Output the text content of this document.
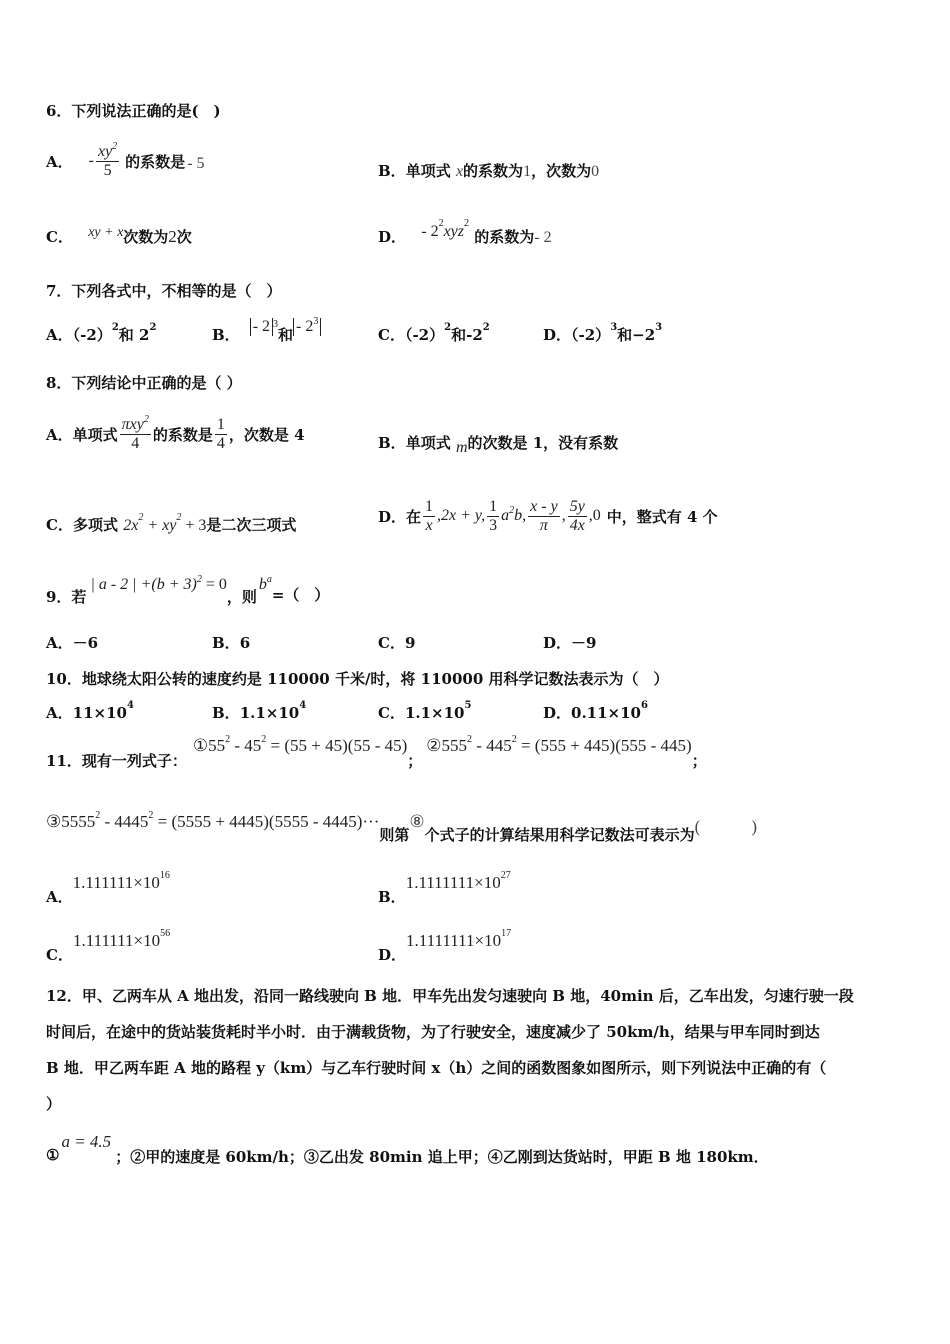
6．下列说法正确的是(　)
A． - $\frac{xy^2}{5}$ 的系数是 - 5	B．单项式 x的系数为1，次数为0
C． xy + x次数为2次	D． - $2^2xyz^2$ 的系数为- 2
7．下列各式中，不相等的是（　）
A．$(-2)^2$和 $2^2$	B． - 2 $^3$
和 - $2^3$
C．$(-2)^2$和$-2^2$	D．$(-2)^3$和$-2^3$
8．下列结论中正确的是（ ）
A． 单项式 $\frac{\pi xy^2}{4}$ 的系数是 $\frac{1}{4}$ ，次数是 4	B．单项式 m的次数是 1，没有系数
C．多项式 $2x^2 + xy^2 + 3$是二次三项式	D． 在 $\frac{1}{x} ,2x + y$, $\frac{1}{3} a^2b$, $\frac{x - y}{\pi}$ , $\frac{5y}{4x} ,0$ 中，整式有 4 个
9．若
| a - 2 | $+(b + 3)^2 = 0$
，则
$b^a$
=（　）
A．－6	B．6	C．9	D．－9
10．地球绕太阳公转的速度约是 110000 千米/时，将 110000 用科学记数法表示为（　）
A．$11\times 10^4$	B．$1.1\times 10^4$	C．$1.1\times 10^5$	D．$0.11\times 10^6$
11．现有一列式子：
$①55^2 - 45^2 = (55 + 45)(55 - 45)$
；
$②555^2 - 445^2 = (555 + 445)(555 - 445)$
；
③5555$^2$ - $4445^2 = (5555 + 4445)(5555 - 4445)\cdot\cdot\cdot$
则第
⑧
个式子的计算结果用科学记数法可表示为 (　　　)
A．$1.111111\times 10^{16}$
B．$1.1111111\times 10^{27}$
C．$1.111111\times 10^{56}$
D．$1.1111111\times 10^{17}$
12．甲、乙两车从 A 地出发，沿同一路线驶向 B 地．甲车先出发匀速驶向 B 地，40min 后，乙车出发，匀速行驶一段
时间后，在途中的货站装货耗时半小时．由于满载货物，为了行驶安全，速度减少了 50km/h，结果与甲车同时到达
B 地．甲乙两车距 A 地的路程 y（km）与乙车行驶时间 x（h）之间的函数图象如图所示，则下列说法中正确的有（
）
①
a = 4.5
；②甲的速度是 60km/h；③乙出发 80min 追上甲；④乙刚到达货站时，甲距 B 地 180km．
